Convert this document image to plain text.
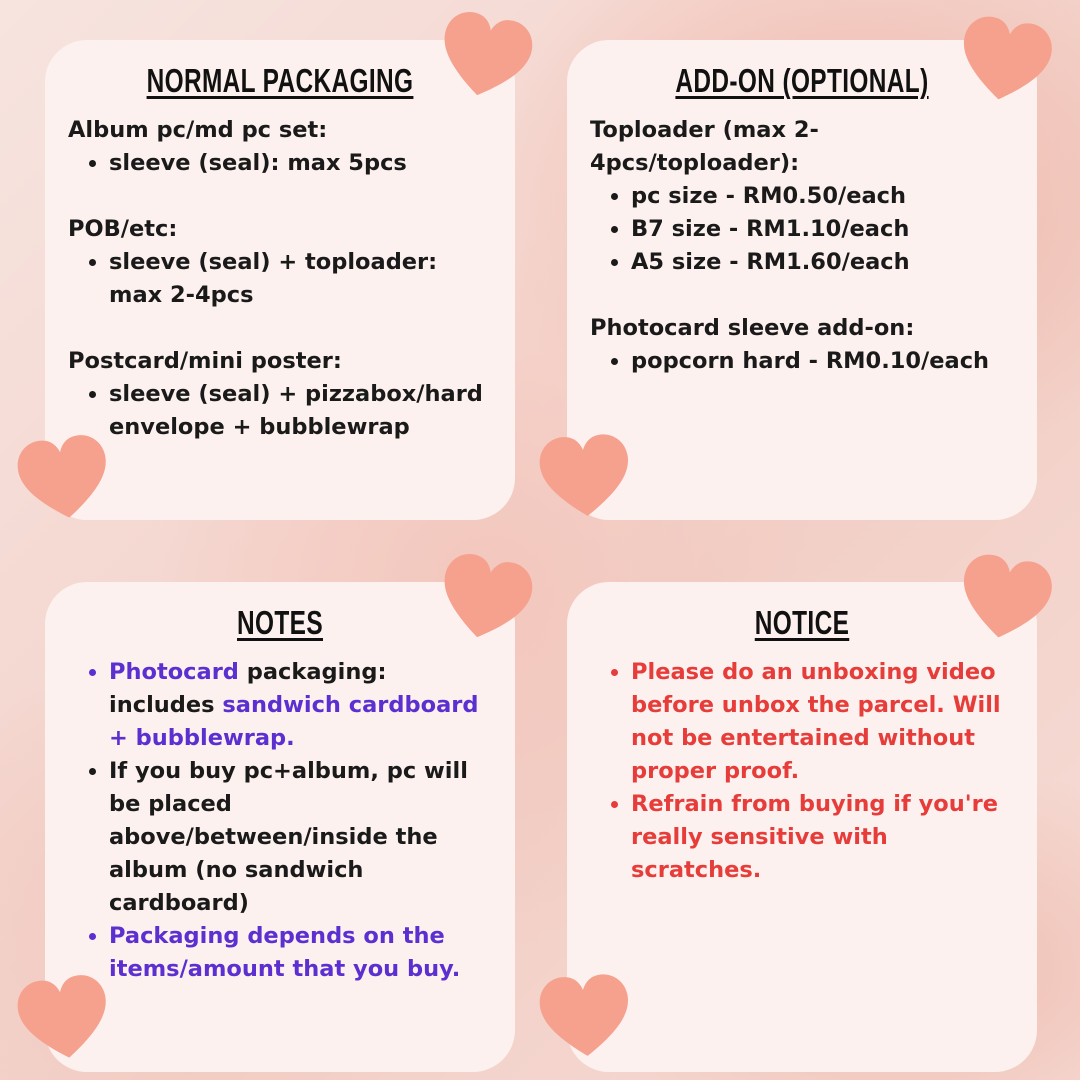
NORMAL PACKAGING
Album pc/md pc set:
• sleeve (seal): max 5pcs
POB/etc:
• sleeve (seal) + toploader: max 2-4pcs
Postcard/mini poster:
• sleeve (seal) + pizzabox/hard envelope + bubblewrap
ADD-ON (OPTIONAL)
Toploader (max 2-4pcs/toploader):
• pc size - RM0.50/each
• B7 size - RM1.10/each
• A5 size - RM1.60/each
Photocard sleeve add-on:
• popcorn hard - RM0.10/each
NOTES
• Photocard packaging: includes sandwich cardboard + bubblewrap.
• If you buy pc+album, pc will be placed above/between/inside the album (no sandwich cardboard)
• Packaging depends on the items/amount that you buy.
NOTICE
• Please do an unboxing video before unbox the parcel. Will not be entertained without proper proof.
• Refrain from buying if you're really sensitive with scratches.
